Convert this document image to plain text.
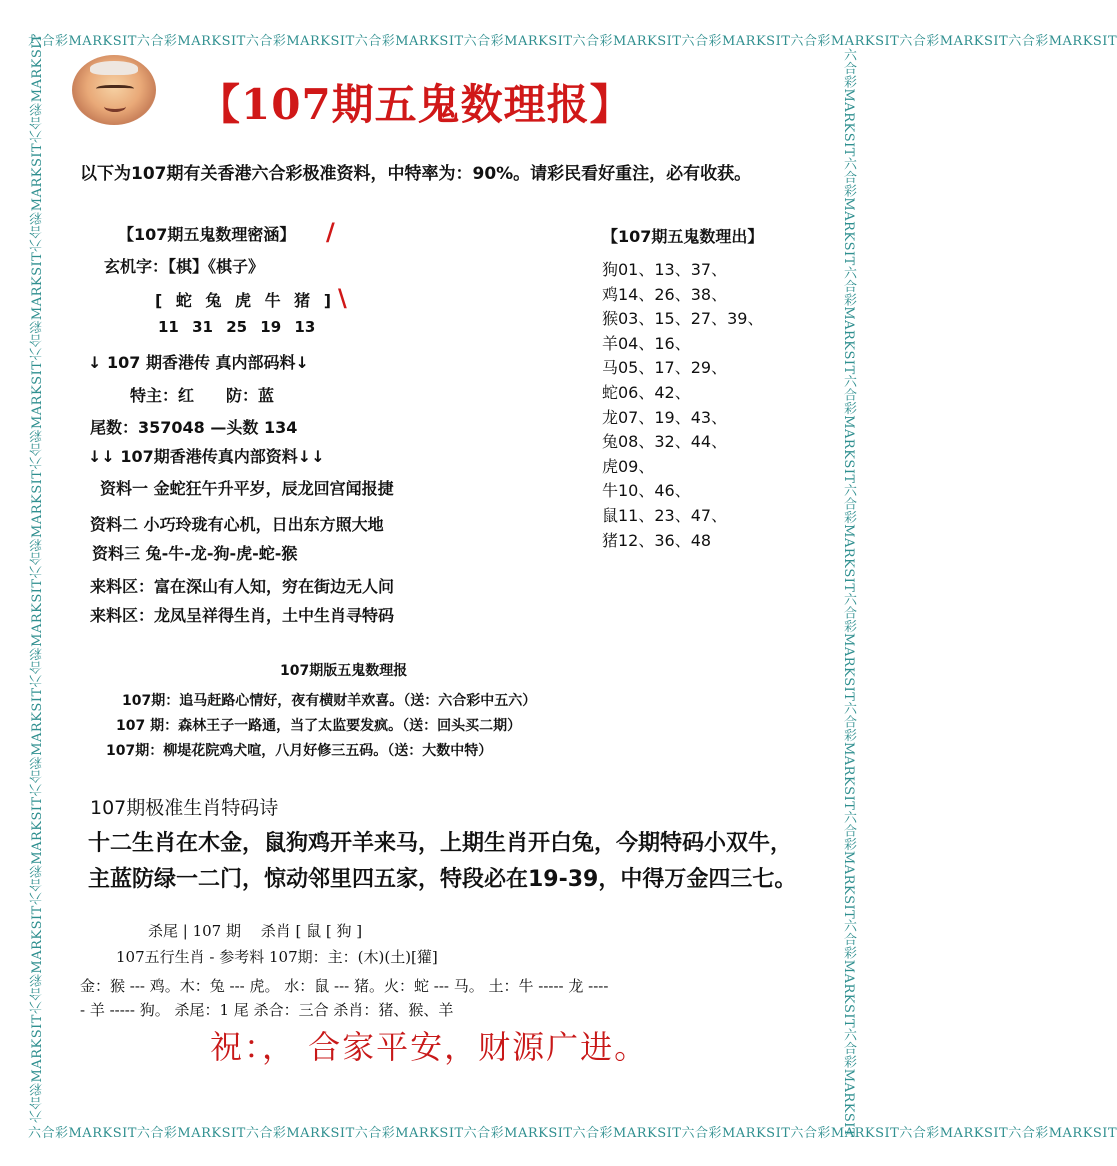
六合彩MARKSIT六合彩MARKSIT六合彩MARKSIT六合彩MARKSIT六合彩MARKSIT六合彩MARKSIT六合彩MARKSIT六合彩MARKSIT六合彩MARKSIT六合彩MARKSIT
六合彩MARKSIT六合彩MARKSIT六合彩MARKSIT六合彩MARKSIT六合彩MARKSIT六合彩MARKSIT六合彩MARKSIT六合彩MARKSIT六合彩MARKSIT六合彩MARKSIT
六合彩MARKSIT六合彩MARKSIT六合彩MARKSIT六合彩MARKSIT六合彩MARKSIT六合彩MARKSIT六合彩MARKSIT六合彩MARKSIT六合彩MARKSIT六合彩MARKSIT	六合彩MARKSIT六合彩MARKSIT六合彩MARKSIT六合彩MARKSIT六合彩MARKSIT六合彩MARKSIT六合彩MARKSIT六合彩MARKSIT六合彩MARKSIT六合彩MARKSIT
【107期五鬼数理报】
以下为107期有关香港六合彩极准资料，中特率为：90%。请彩民看好重注，必有收获。
【107期五鬼数理密涵】 /
玄机字：【棋】《棋子》
[ 蛇 兔 虎 牛 猪 ] \
11 31 25 19 13
↓ 107 期香港传 真内部码料↓
特主：红　　防：蓝
尾数：357048 —头数 134
↓↓ 107期香港传真内部资料↓↓
资料一 金蛇狂午升平岁，辰龙回宫闻报捷
资料二 小巧玲珑有心机，日出东方照大地
资料三 兔-牛-龙-狗-虎-蛇-猴
来料区：富在深山有人知，穷在街边无人问
来料区：龙凤呈祥得生肖，土中生肖寻特码
【107期五鬼数理出】
狗01、13、37、
鸡14、26、38、
猴03、15、27、39、
羊04、16、
马05、17、29、
蛇06、42、
龙07、19、43、
兔08、32、44、
虎09、
牛10、46、
鼠11、23、47、
猪12、36、48
107期版五鬼数理报
107期：追马赶路心情好，夜有横财羊欢喜。（送：六合彩中五六）
107 期：森林王子一路通，当了太监要发疯。（送：回头买二期）
107期：柳堤花院鸡犬喧，八月好修三五码。（送：大数中特）
107期极准生肖特码诗
十二生肖在木金，鼠狗鸡开羊来马，上期生肖开白兔，今期特码小双牛，
主蓝防绿一二门，惊动邻里四五家，特段必在19-39，中得万金四三七。
杀尾 | 107 期　 杀肖 [ 鼠 [ 狗 ]
107五行生肖 - 参考料 107期：主：(木)(土)[獾]
金：猴 --- 鸡。木：兔 --- 虎。 水：鼠 --- 猪。火：蛇 --- 马。 土：牛 ----- 龙 ----
- 羊 ----- 狗。 杀尾：1 尾 杀合：三合 杀肖：猪、猴、羊
祝：， 合家平安，财源广进。
